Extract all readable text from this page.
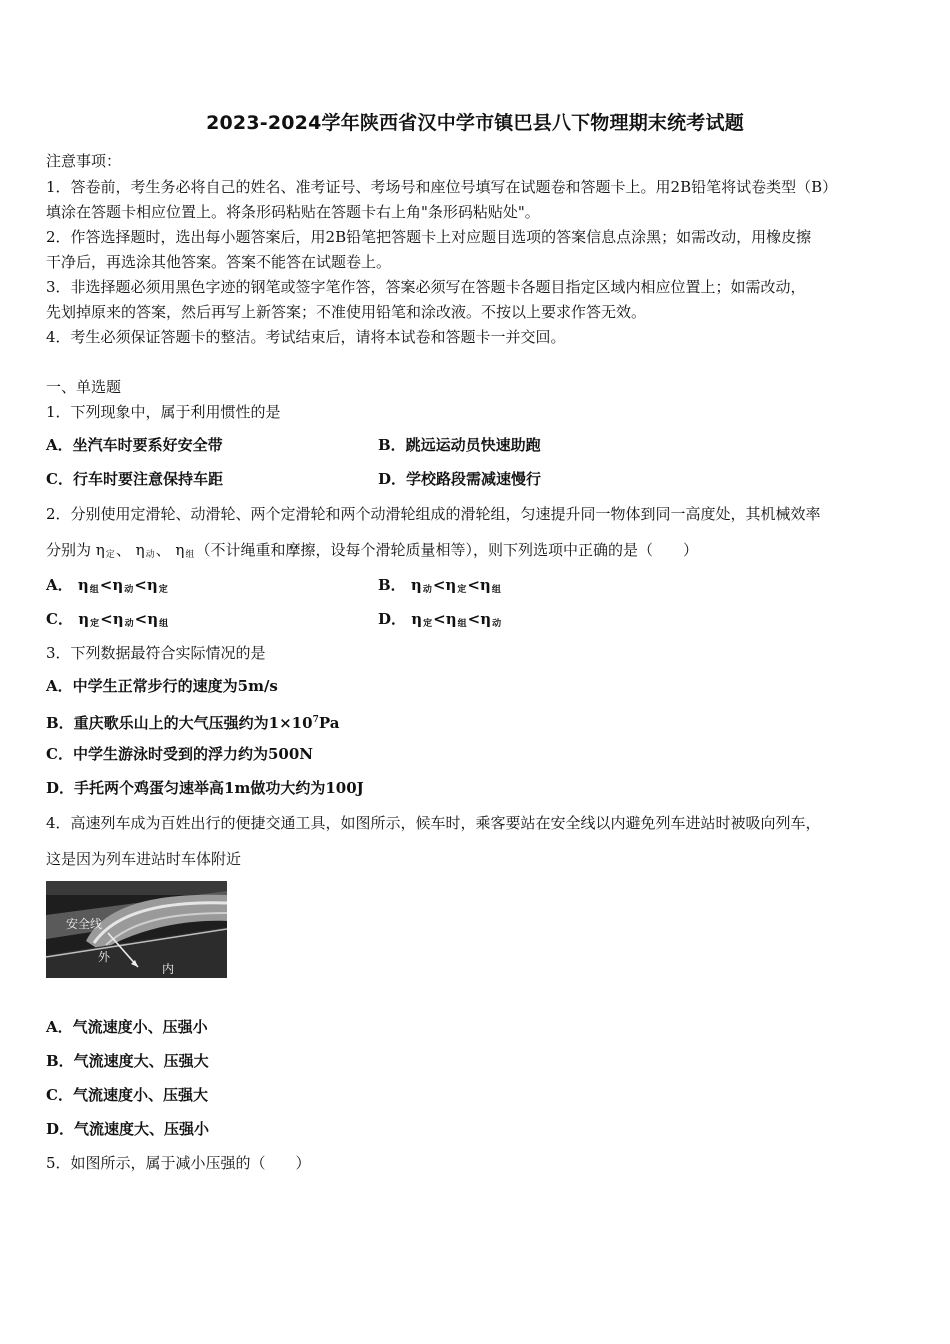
2023-2024学年陕西省汉中学市镇巴县八下物理期末统考试题
注意事项：
1．答卷前，考生务必将自己的姓名、准考证号、考场号和座位号填写在试题卷和答题卡上。用2B铅笔将试卷类型（B）
填涂在答题卡相应位置上。将条形码粘贴在答题卡右上角"条形码粘贴处"。
2．作答选择题时，选出每小题答案后，用2B铅笔把答题卡上对应题目选项的答案信息点涂黑；如需改动，用橡皮擦
干净后，再选涂其他答案。答案不能答在试题卷上。
3．非选择题必须用黑色字迹的钢笔或签字笔作答，答案必须写在答题卡各题目指定区域内相应位置上；如需改动，
先划掉原来的答案，然后再写上新答案；不准使用铅笔和涂改液。不按以上要求作答无效。
4．考生必须保证答题卡的整洁。考试结束后，请将本试卷和答题卡一并交回。
一、单选题
1．下列现象中，属于利用惯性的是
A．坐汽车时要系好安全带	B．跳远运动员快速助跑
C．行车时要注意保持车距	D．学校路段需减速慢行
2．分别使用定滑轮、动滑轮、两个定滑轮和两个动滑轮组成的滑轮组，匀速提升同一物体到同一高度处，其机械效率
分别为 $\eta_定$、 $\eta_动$、 $\eta_组$（不计绳重和摩擦，设每个滑轮质量相等），则下列选项中正确的是（　　）
A． $\eta_组<\eta_动<\eta_定$	B． $\eta_动<\eta_定<\eta_组$
C． $\eta_定<\eta_动<\eta_组$	D． $\eta_定<\eta_组<\eta_动$
3．下列数据最符合实际情况的是
A．中学生正常步行的速度为5m/s
B．重庆歌乐山上的大气压强约为$1\times 10^7Pa$
C．中学生游泳时受到的浮力约为500N
D．手托两个鸡蛋匀速举高1m做功大约为100J
4．高速列车成为百姓出行的便捷交通工具，如图所示，候车时，乘客要站在安全线以内避免列车进站时被吸向列车，
这是因为列车进站时车体附近
安全线
外
内
A．气流速度小、压强小
B．气流速度大、压强大
C．气流速度小、压强大
D．气流速度大、压强小
5．如图所示，属于减小压强的（　　）
